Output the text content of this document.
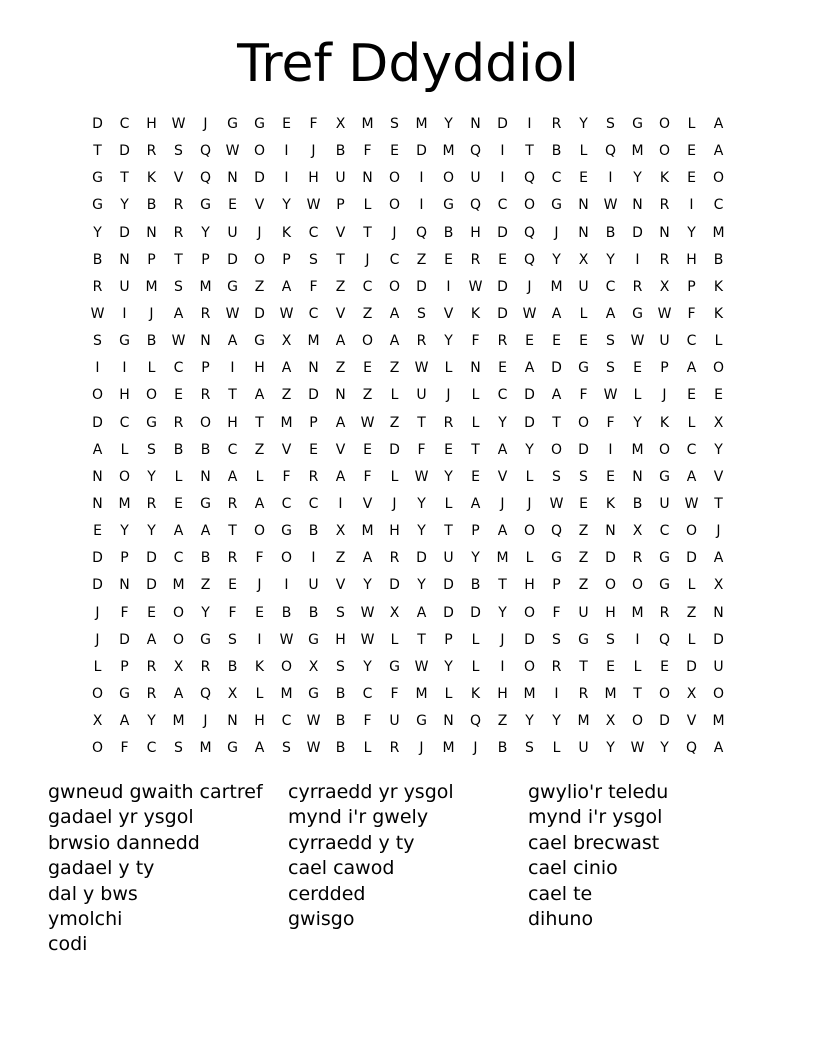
Tref Ddyddiol
D	C	H	W	J	G	G	E	F	X	M	S	M	Y	N	D	I	R	Y	S	G	O	L	A
T	D	R	S	Q	W	O	I	J	B	F	E	D	M	Q	I	T	B	L	Q	M	O	E	A
G	T	K	V	Q	N	D	I	H	U	N	O	I	O	U	I	Q	C	E	I	Y	K	E	O
G	Y	B	R	G	E	V	Y	W	P	L	O	I	G	Q	C	O	G	N	W	N	R	I	C
Y	D	N	R	Y	U	J	K	C	V	T	J	Q	B	H	D	Q	J	N	B	D	N	Y	M
B	N	P	T	P	D	O	P	S	T	J	C	Z	E	R	E	Q	Y	X	Y	I	R	H	B
R	U	M	S	M	G	Z	A	F	Z	C	O	D	I	W	D	J	M	U	C	R	X	P	K
W	I	J	A	R	W	D	W	C	V	Z	A	S	V	K	D	W	A	L	A	G	W	F	K
S	G	B	W	N	A	G	X	M	A	O	A	R	Y	F	R	E	E	E	S	W	U	C	L
I	I	L	C	P	I	H	A	N	Z	E	Z	W	L	N	E	A	D	G	S	E	P	A	O
O	H	O	E	R	T	A	Z	D	N	Z	L	U	J	L	C	D	A	F	W	L	J	E	E
D	C	G	R	O	H	T	M	P	A	W	Z	T	R	L	Y	D	T	O	F	Y	K	L	X
A	L	S	B	B	C	Z	V	E	V	E	D	F	E	T	A	Y	O	D	I	M	O	C	Y
N	O	Y	L	N	A	L	F	R	A	F	L	W	Y	E	V	L	S	S	E	N	G	A	V
N	M	R	E	G	R	A	C	C	I	V	J	Y	L	A	J	J	W	E	K	B	U	W	T
E	Y	Y	A	A	T	O	G	B	X	M	H	Y	T	P	A	O	Q	Z	N	X	C	O	J
D	P	D	C	B	R	F	O	I	Z	A	R	D	U	Y	M	L	G	Z	D	R	G	D	A
D	N	D	M	Z	E	J	I	U	V	Y	D	Y	D	B	T	H	P	Z	O	O	G	L	X
J	F	E	O	Y	F	E	B	B	S	W	X	A	D	D	Y	O	F	U	H	M	R	Z	N
J	D	A	O	G	S	I	W	G	H	W	L	T	P	L	J	D	S	G	S	I	Q	L	D
L	P	R	X	R	B	K	O	X	S	Y	G	W	Y	L	I	O	R	T	E	L	E	D	U
O	G	R	A	Q	X	L	M	G	B	C	F	M	L	K	H	M	I	R	M	T	O	X	O
X	A	Y	M	J	N	H	C	W	B	F	U	G	N	Q	Z	Y	Y	M	X	O	D	V	M
O	F	C	S	M	G	A	S	W	B	L	R	J	M	J	B	S	L	U	Y	W	Y	Q	A
gwneud gwaith cartref
gadael yr ysgol
brwsio dannedd
gadael y ty
dal y bws
ymolchi
codi
cyrraedd yr ysgol
mynd i'r gwely
cyrraedd y ty
cael cawod
cerdded
gwisgo
gwylio'r teledu
mynd i'r ysgol
cael brecwast
cael cinio
cael te
dihuno
